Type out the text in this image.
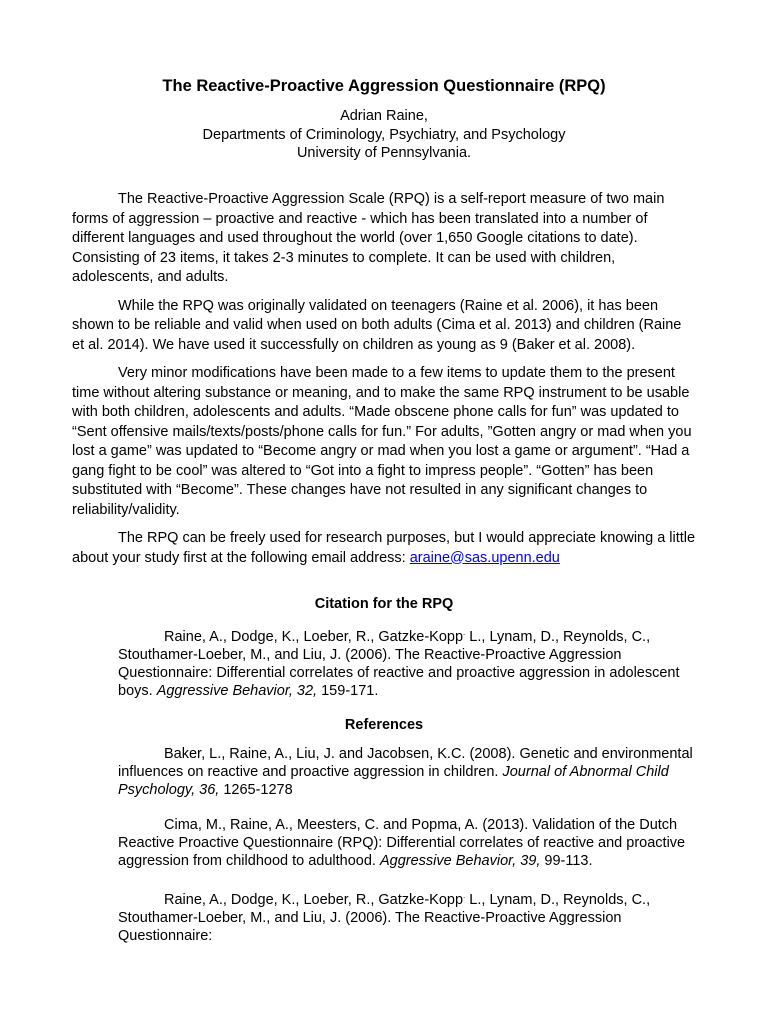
The Reactive-Proactive Aggression Questionnaire (RPQ)
Adrian Raine,
Departments of Criminology, Psychiatry, and Psychology
University of Pennsylvania.

The Reactive-Proactive Aggression Scale (RPQ) is a self-report measure of two main forms of aggression – proactive and reactive - which has been translated into a number of different languages and used throughout the world (over 1,650 Google citations to date). Consisting of 23 items, it takes 2-3 minutes to complete. It can be used with children, adolescents, and adults.

While the RPQ was originally validated on teenagers (Raine et al. 2006), it has been shown to be reliable and valid when used on both adults (Cima et al. 2013) and children (Raine et al. 2014). We have used it successfully on children as young as 9 (Baker et al. 2008).

Very minor modifications have been made to a few items to update them to the present time without altering substance or meaning, and to make the same RPQ instrument to be usable with both children, adolescents and adults. “Made obscene phone calls for fun” was updated to “Sent offensive mails/texts/posts/phone calls for fun.” For adults, ”Gotten angry or mad when you lost a game” was updated to “Become angry or mad when you lost a game or argument”. “Had a gang fight to be cool” was altered to “Got into a fight to impress people”. “Gotten” has been substituted with “Become”. These changes have not resulted in any significant changes to reliability/validity.

The RPQ can be freely used for research purposes, but I would appreciate knowing a little about your study first at the following email address: araine@sas.upenn.edu

Citation for the RPQ

Raine, A., Dodge, K., Loeber, R., Gatzke-Kopp. L., Lynam, D., Reynolds, C., Stouthamer-Loeber, M., and Liu, J. (2006). The Reactive-Proactive Aggression Questionnaire: Differential correlates of reactive and proactive aggression in adolescent boys. Aggressive Behavior, 32, 159-171.

References

Baker, L., Raine, A., Liu, J. and Jacobsen, K.C. (2008). Genetic and environmental influences on reactive and proactive aggression in children. Journal of Abnormal Child Psychology, 36, 1265-1278

Cima, M., Raine, A., Meesters, C. and Popma, A. (2013). Validation of the Dutch Reactive Proactive Questionnaire (RPQ): Differential correlates of reactive and proactive aggression from childhood to adulthood. Aggressive Behavior, 39, 99-113.

Raine, A., Dodge, K., Loeber, R., Gatzke-Kopp. L., Lynam, D., Reynolds, C., Stouthamer-Loeber, M., and Liu, J. (2006). The Reactive-Proactive Aggression Questionnaire:
